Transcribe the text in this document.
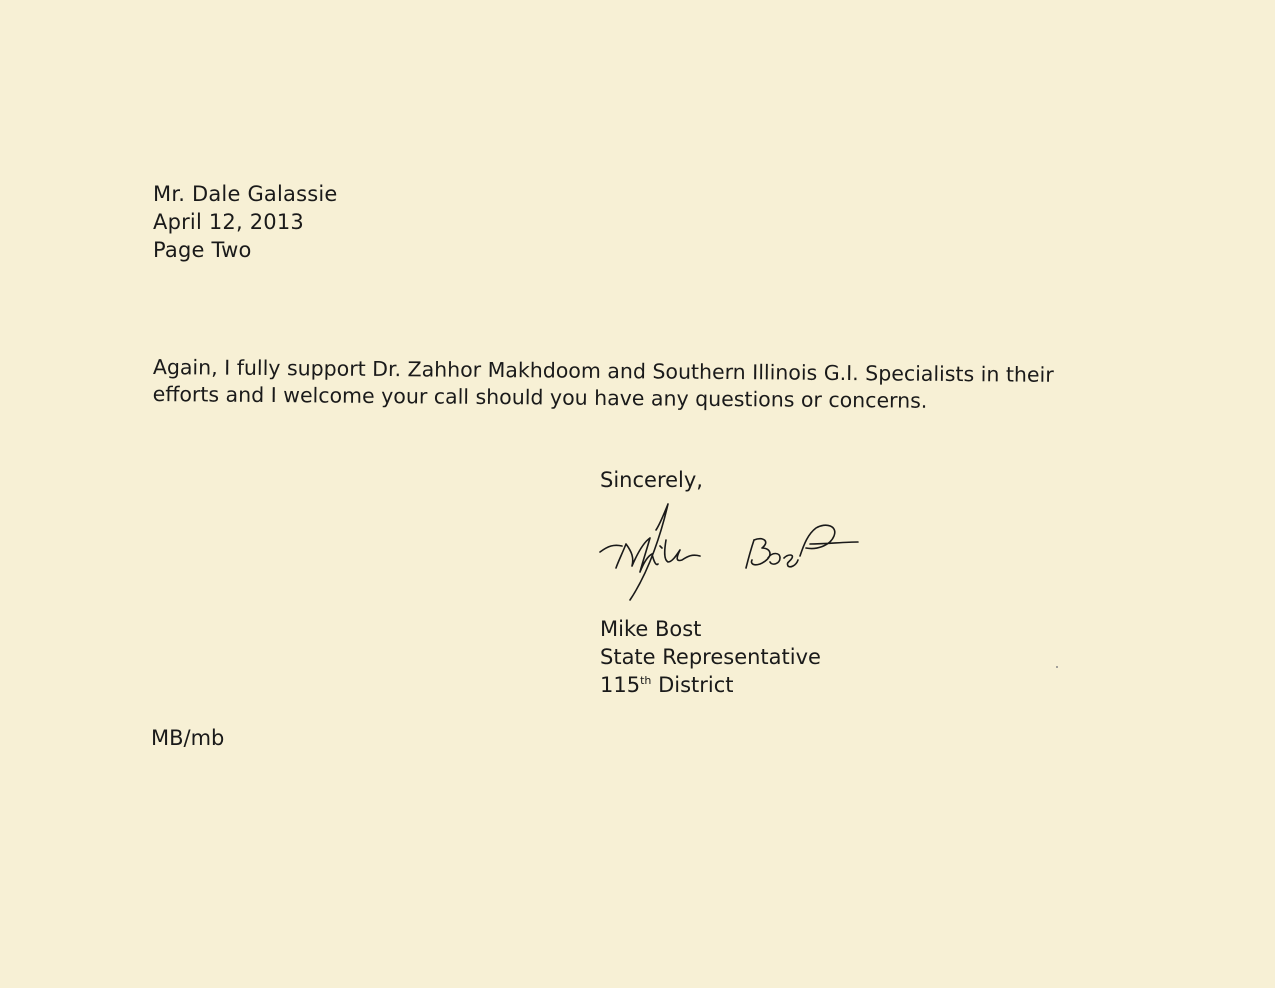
Mr. Dale Galassie
April 12, 2013
Page Two
Again, I fully support Dr. Zahhor Makhdoom and Southern Illinois G.I. Specialists in their
efforts and I welcome your call should you have any questions or concerns.
Sincerely,
Mike Bost
State Representative
115th District
MB/mb
